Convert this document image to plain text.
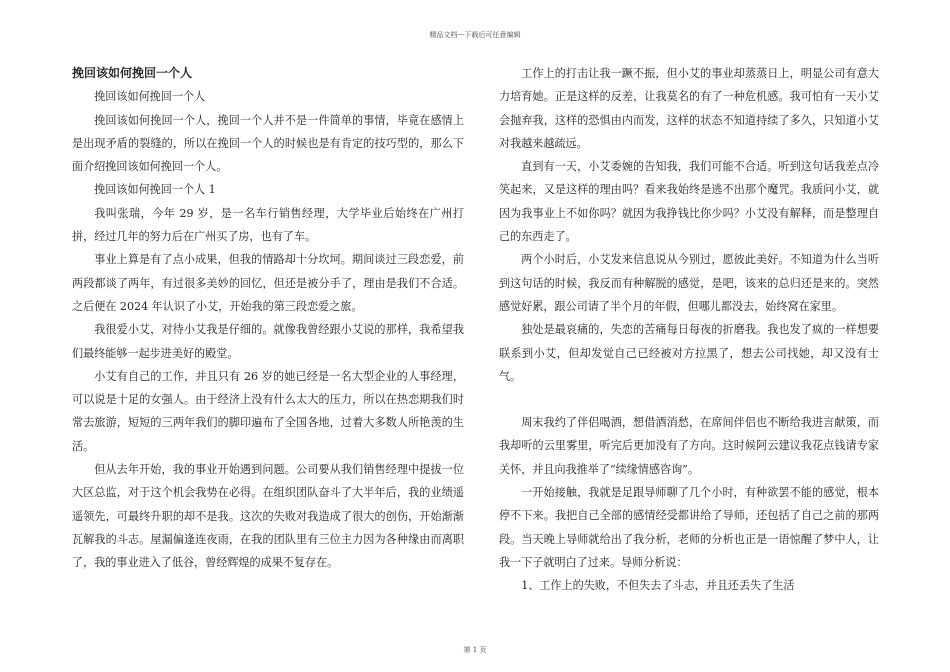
精品文档---下载后可任意编辑
挽回该如何挽回一个人

挽回该如何挽回一个人

挽回该如何挽回一个人，挽回一个人并不是一件简单的事情，毕竟在感情上是出现矛盾的裂缝的，所以在挽回一个人的时候也是有肯定的技巧型的，那么下面介绍挽回该如何挽回一个人。

挽回该如何挽回一个人 1

我叫张瑞，今年 29 岁，是一名车行销售经理，大学毕业后始终在广州打拼，经过几年的努力后在广州买了房，也有了车。

事业上算是有了点小成果，但我的情路却十分坎坷。期间谈过三段恋爱，前两段都谈了两年，有过很多美妙的回忆，但还是被分手了，理由是我们不合适。之后便在 2024 年认识了小艾，开始我的第三段恋爱之旅。

我很爱小艾，对待小艾我是仔细的。就像我曾经跟小艾说的那样，我希望我们最终能够一起步进美好的殿堂。

小艾有自己的工作，并且只有 26 岁的她已经是一名大型企业的人事经理，可以说是十足的女强人。由于经济上没有什么太大的压力，所以在热恋期我们时常去旅游，短短的三两年我们的脚印遍布了全国各地，过着大多数人所艳羡的生活。

但从去年开始，我的事业开始遇到问题。公司要从我们销售经理中提拔一位大区总监，对于这个机会我势在必得。在组织团队奋斗了大半年后，我的业绩遥遥领先，可最终升职的却不是我。这次的失败对我造成了很大的创伤，开始渐渐瓦解我的斗志。屋漏偏逢连夜雨，在我的团队里有三位主力因为各种缘由而离职了，我的事业进入了低谷，曾经辉煌的成果不复存在。

工作上的打击让我一蹶不振，但小艾的事业却蒸蒸日上，明显公司有意大力培育她。正是这样的反差，让我莫名的有了一种危机感。我可怕有一天小艾会抛弃我，这样的恐惧由内而发，这样的状态不知道持续了多久，只知道小艾对我越来越疏远。

直到有一天，小艾委婉的告知我，我们可能不合适。听到这句话我差点冷笑起来，又是这样的理由吗？看来我始终是逃不出那个魔咒。我质问小艾，就因为我事业上不如你吗？就因为我挣钱比你少吗？小艾没有解释，而是整理自己的东西走了。

两个小时后，小艾发来信息说从今别过，愿彼此美好。不知道为什么当听到这句话的时候，我反而有种解脱的感觉，是吧，该来的总归还是来的。突然感觉好累，跟公司请了半个月的年假，但哪儿都没去，始终窝在家里。

独处是最哀痛的，失恋的苦痛每日每夜的折磨我。我也发了疯的一样想要联系到小艾，但却发觉自己已经被对方拉黑了，想去公司找她，却又没有士气。

周末我约了伴侣喝酒，想借酒消愁，在席间伴侣也不断给我进言献策，而我却听的云里雾里，听完后更加没有了方向。这时候阿云建议我花点钱请专家关怀，并且向我推举了“续缘情感咨询”。

一开始接触，我就是足跟导师聊了几个小时，有种欲罢不能的感觉，根本停不下来。我把自己全部的感情经受都讲给了导师，还包括了自己之前的那两段。当天晚上导师就给出了我分析，老师的分析也正是一语惊醒了梦中人，让我一下子就明白了过来。导师分析说：

1、工作上的失败，不但失去了斗志，并且还丢失了生活

第 1 页
